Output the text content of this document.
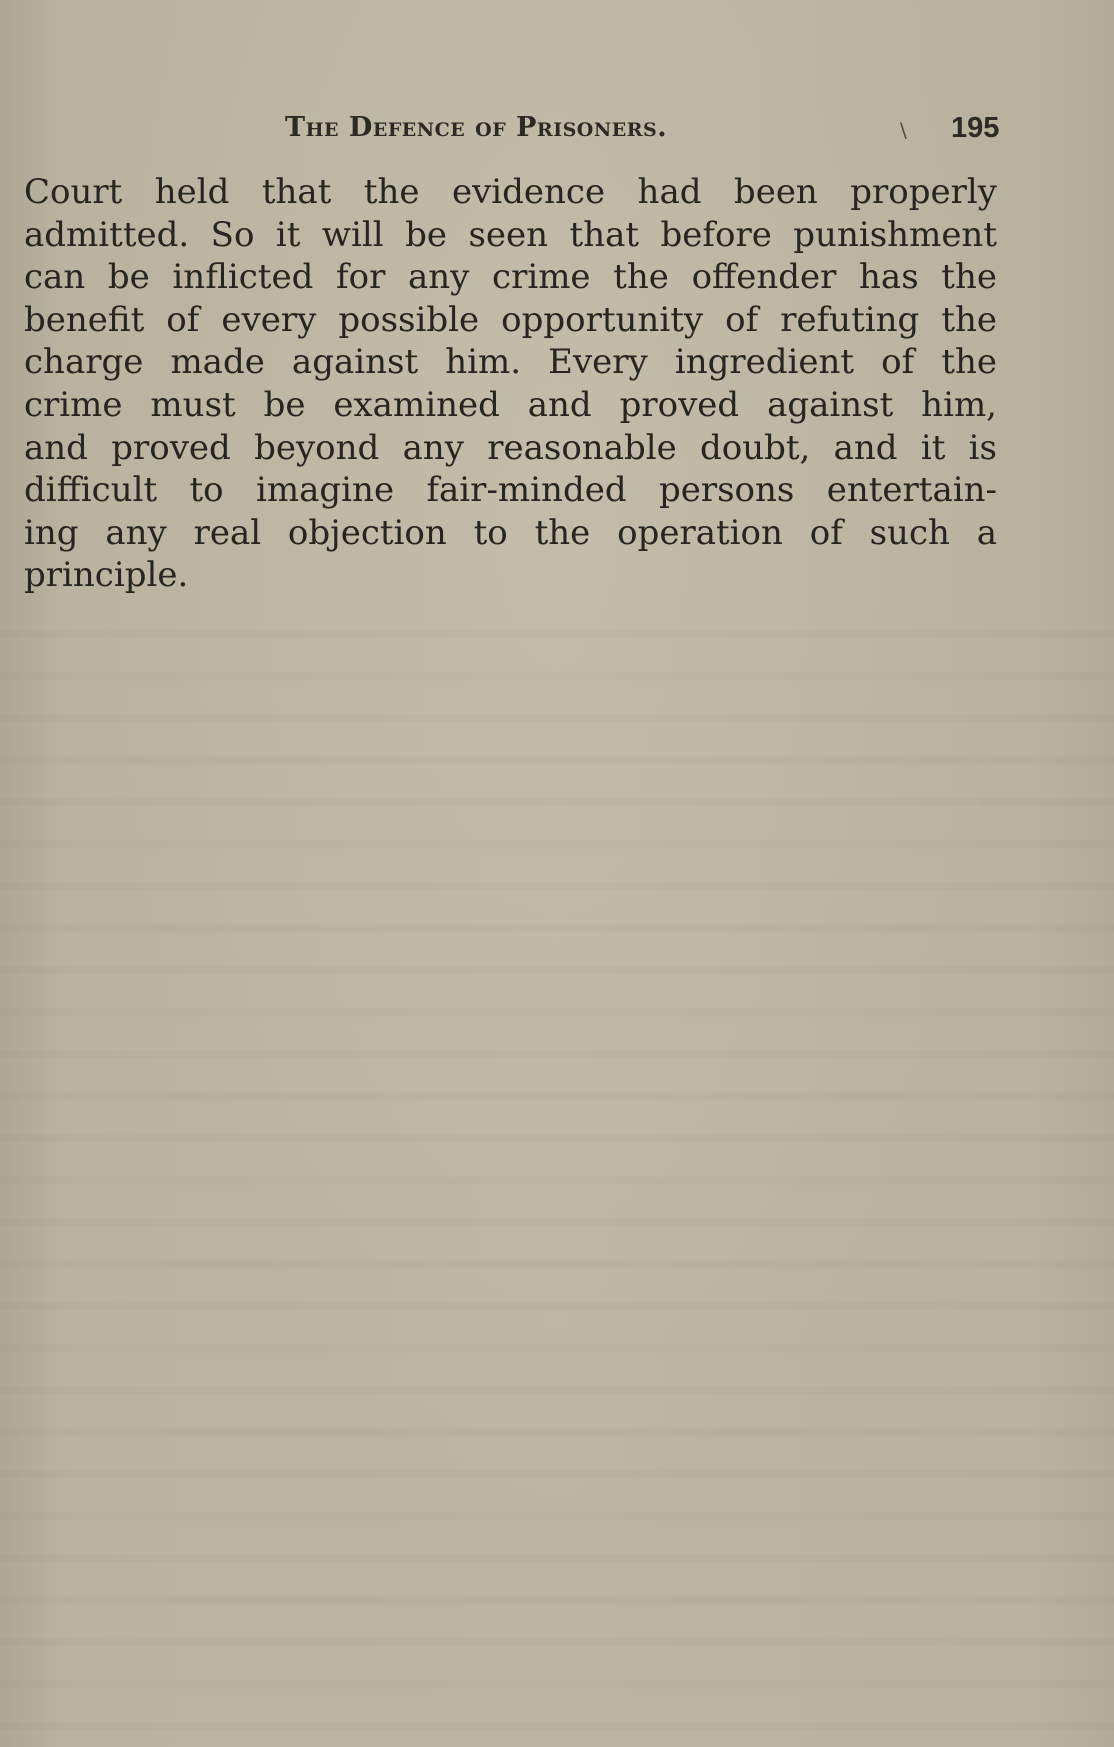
The Defence of Prisoners.	\ 195
Court held that the evidence had been properly
admitted. So it will be seen that before punishment
can be inflicted for any crime the offender has the
benefit of every possible opportunity of refuting the
charge made against him. Every ingredient of the
crime must be examined and proved against him,
and proved beyond any reasonable doubt, and it is
difficult to imagine fair-minded persons entertain-
ing any real objection to the operation of such a
principle.
